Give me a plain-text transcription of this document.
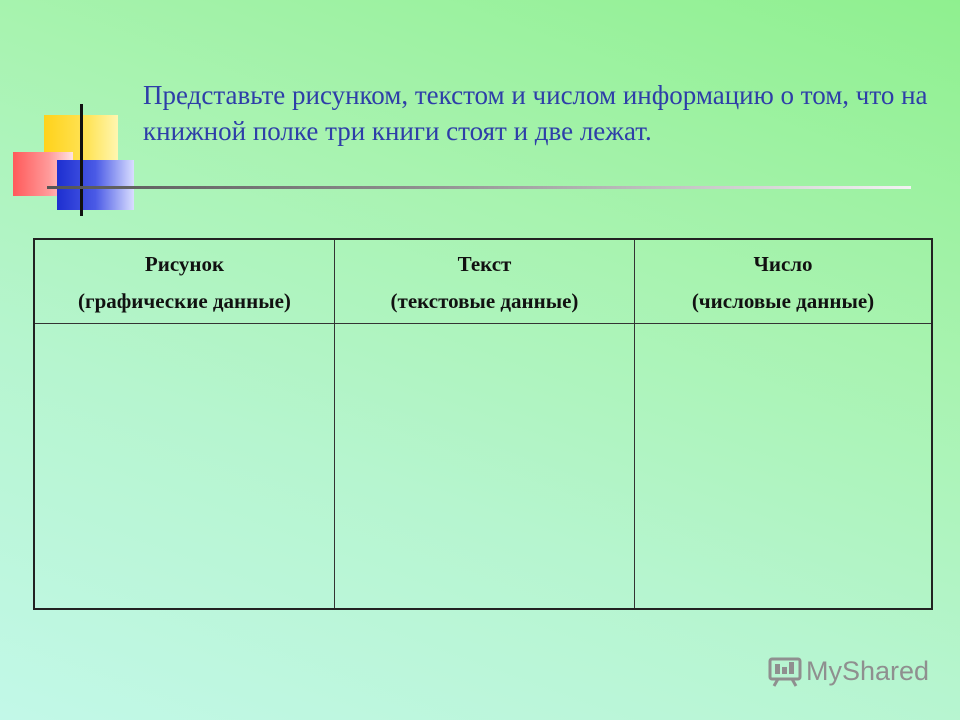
Представьте рисунком, текстом и числом информацию о том, что на книжной полке три книги стоят и две лежат.
Рисунок
(графические данные)
Текст
(текстовые данные)
Число
(числовые данные)
MyShared
